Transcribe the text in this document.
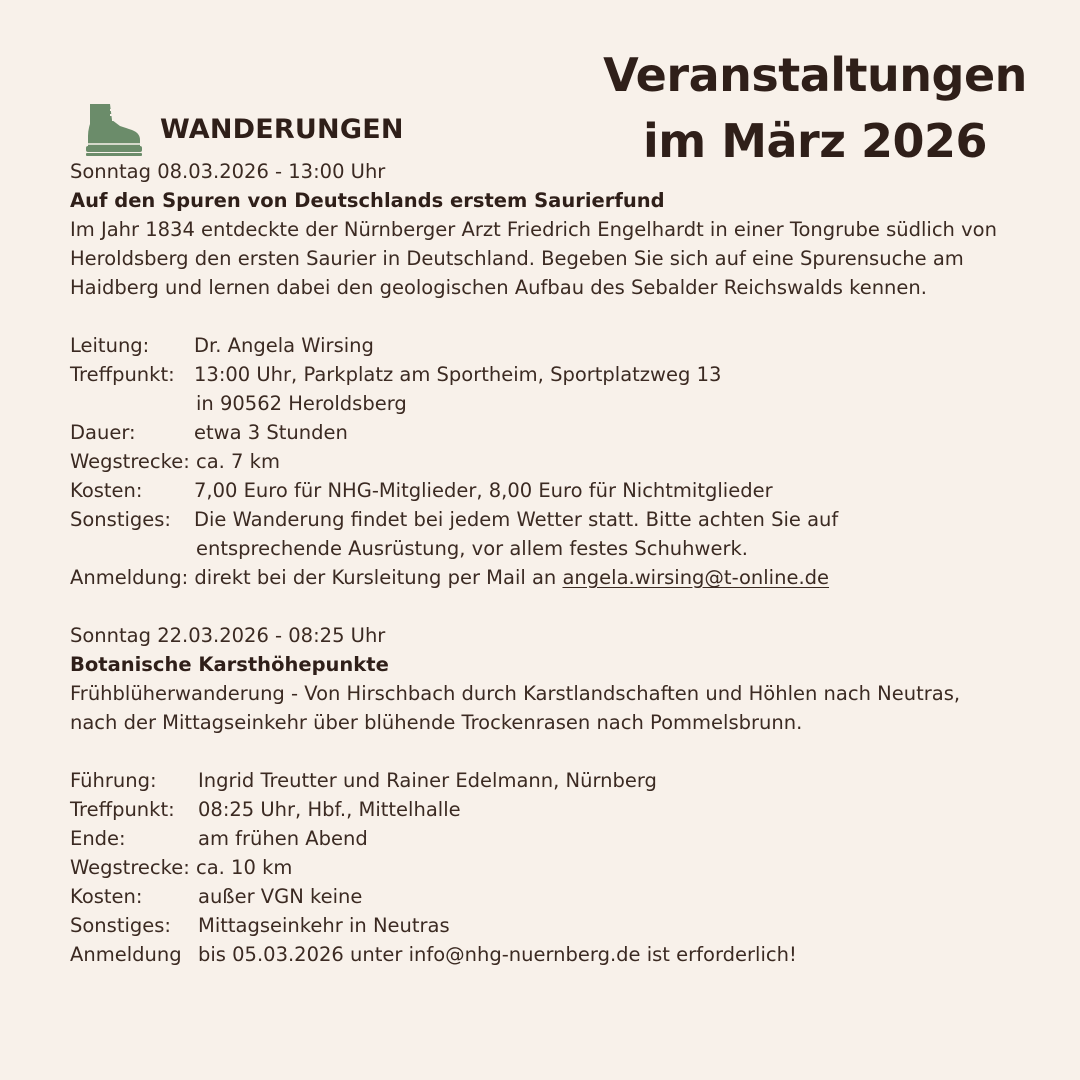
Veranstaltungen
im März 2026
WANDERUNGEN
Sonntag 08.03.2026 - 13:00 Uhr
Auf den Spuren von Deutschlands erstem Saurierfund
Im Jahr 1834 entdeckte der Nürnberger Arzt Friedrich Engelhardt in einer Tongrube südlich von
Heroldsberg den ersten Saurier in Deutschland. Begeben Sie sich auf eine Spurensuche am
Haidberg und lernen dabei den geologischen Aufbau des Sebalder Reichswalds kennen.
Leitung:	Dr. Angela Wirsing
Treffpunkt: 13:00 Uhr, Parkplatz am Sportheim, Sportplatzweg 13
in 90562 Heroldsberg
Dauer:	etwa 3 Stunden
Wegstrecke: ca. 7 km
Kosten:	7,00 Euro für NHG-Mitglieder, 8,00 Euro für Nichtmitglieder
Sonstiges:	Die Wanderung findet bei jedem Wetter statt. Bitte achten Sie auf
entsprechende Ausrüstung, vor allem festes Schuhwerk.
Anmeldung: direkt bei der Kursleitung per Mail an angela.wirsing@t-online.de
Sonntag 22.03.2026 - 08:25 Uhr
Botanische Karsthöhepunkte
Frühblüherwanderung - Von Hirschbach durch Karstlandschaften und Höhlen nach Neutras,
nach der Mittagseinkehr über blühende Trockenrasen nach Pommelsbrunn.
Führung:	Ingrid Treutter und Rainer Edelmann, Nürnberg
Treffpunkt:	08:25 Uhr, Hbf., Mittelhalle
Ende:	am frühen Abend
Wegstrecke: ca. 10 km
Kosten:	außer VGN keine
Sonstiges:	Mittagseinkehr in Neutras
Anmeldung bis 05.03.2026 unter info@nhg-nuernberg.de ist erforderlich!
